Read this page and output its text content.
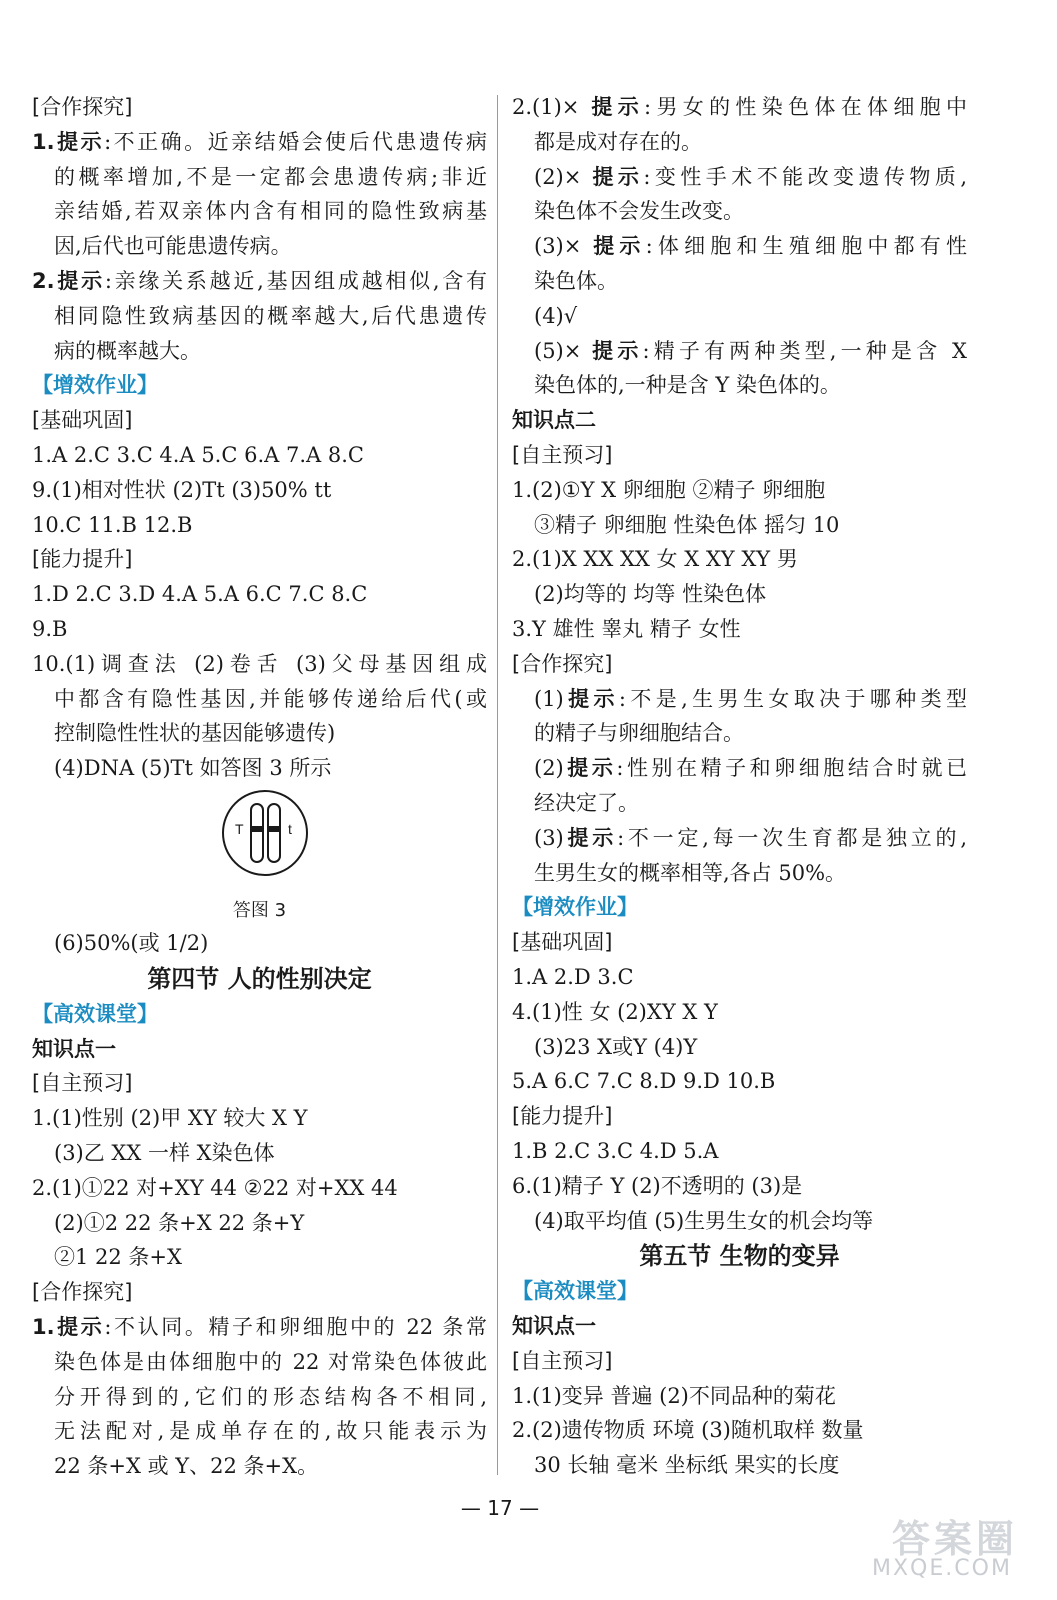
[合作探究]
1.提示:不正确。近亲结婚会使后代患遗传病
的概率增加,不是一定都会患遗传病;非近
亲结婚,若双亲体内含有相同的隐性致病基
因,后代也可能患遗传病。
2.提示:亲缘关系越近,基因组成越相似,含有
相同隐性致病基因的概率越大,后代患遗传
病的概率越大。
【增效作业】
[基础巩固]
1.A 2.C 3.C 4.A 5.C 6.A 7.A 8.C
9.(1)相对性状 (2)Tt (3)50% tt
10.C 11.B 12.B
[能力提升]
1.D 2.C 3.D 4.A 5.A 6.C 7.C 8.C
9.B
10.(1)调查法 (2)卷舌 (3)父母基因组成
中都含有隐性基因,并能够传递给后代(或
控制隐性性状的基因能够遗传)
(4)DNA (5)Tt 如答图 3 所示
T	t
答图 3
(6)50%(或 1/2)
第四节 人的性别决定
【高效课堂】
知识点一
[自主预习]
1.(1)性别 (2)甲 XY 较大 X Y
(3)乙 XX 一样 X染色体
2.(1)①22 对+XY 44 ②22 对+XX 44
(2)①2 22 条+X 22 条+Y
②1 22 条+X
[合作探究]
1.提示:不认同。精子和卵细胞中的 22 条常
染色体是由体细胞中的 22 对常染色体彼此
分开得到的,它们的形态结构各不相同,
无法配对,是成单存在的,故只能表示为
22 条+X 或 Y、22 条+X。
2.(1)× 提示:男女的性染色体在体细胞中
都是成对存在的。
(2)× 提示:变性手术不能改变遗传物质,
染色体不会发生改变。
(3)× 提示:体细胞和生殖细胞中都有性
染色体。
(4)√
(5)× 提示:精子有两种类型,一种是含 X
染色体的,一种是含 Y 染色体的。
知识点二
[自主预习]
1.(2)①Y X 卵细胞 ②精子 卵细胞
③精子 卵细胞 性染色体 摇匀 10
2.(1)X XX XX 女 X XY XY 男
(2)均等的 均等 性染色体
3.Y 雄性 睾丸 精子 女性
[合作探究]
(1)提示:不是,生男生女取决于哪种类型
的精子与卵细胞结合。
(2)提示:性别在精子和卵细胞结合时就已
经决定了。
(3)提示:不一定,每一次生育都是独立的,
生男生女的概率相等,各占 50%。
【增效作业】
[基础巩固]
1.A 2.D 3.C
4.(1)性 女 (2)XY X Y
(3)23 X或Y (4)Y
5.A 6.C 7.C 8.D 9.D 10.B
[能力提升]
1.B 2.C 3.C 4.D 5.A
6.(1)精子 Y (2)不透明的 (3)是
(4)取平均值 (5)生男生女的机会均等
第五节 生物的变异
【高效课堂】
知识点一
[自主预习]
1.(1)变异 普遍 (2)不同品种的菊花
2.(2)遗传物质 环境 (3)随机取样 数量
30 长轴 毫米 坐标纸 果实的长度
— 17 —
答案圈
MXQE.COM
